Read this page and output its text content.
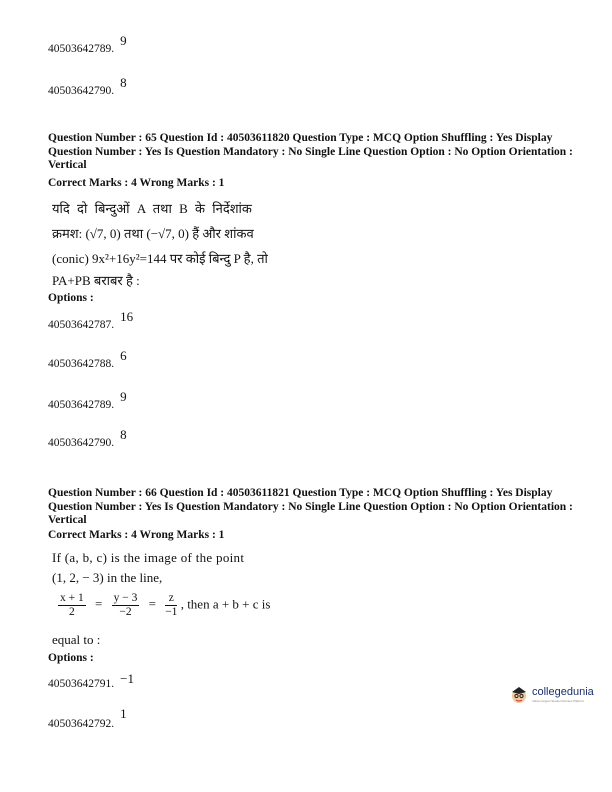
40503642789.9
40503642790.8
Question Number : 65 Question Id : 40503611820 Question Type : MCQ Option Shuffling : Yes Display Question Number : Yes Is Question Mandatory : No Single Line Question Option : No Option Orientation : Vertical
Correct Marks : 4 Wrong Marks : 1
यदि दो बिन्दुओं A तथा B के निर्देशांक
क्रमश: (√7, 0) तथा (−√7, 0) हैं और शांकव
(conic) 9x²+16y²=144 पर कोई बिन्दु P है, तो
PA+PB बराबर है :
Options :
40503642787.16
40503642788.6
40503642789.9
40503642790.8
Question Number : 66 Question Id : 40503611821 Question Type : MCQ Option Shuffling : Yes Display Question Number : Yes Is Question Mandatory : No Single Line Question Option : No Option Orientation : Vertical
Correct Marks : 4 Wrong Marks : 1
If (a, b, c) is the image of the point
(1, 2, − 3) in the line,
$\frac{x + 1}{2} = \frac{y - 3}{-2} = \frac{z}{-1}$ , then a + b + c is
equal to :
Options :
40503642791. −1
40503642792.1
collegedunia
India's largest Student Review Platform
